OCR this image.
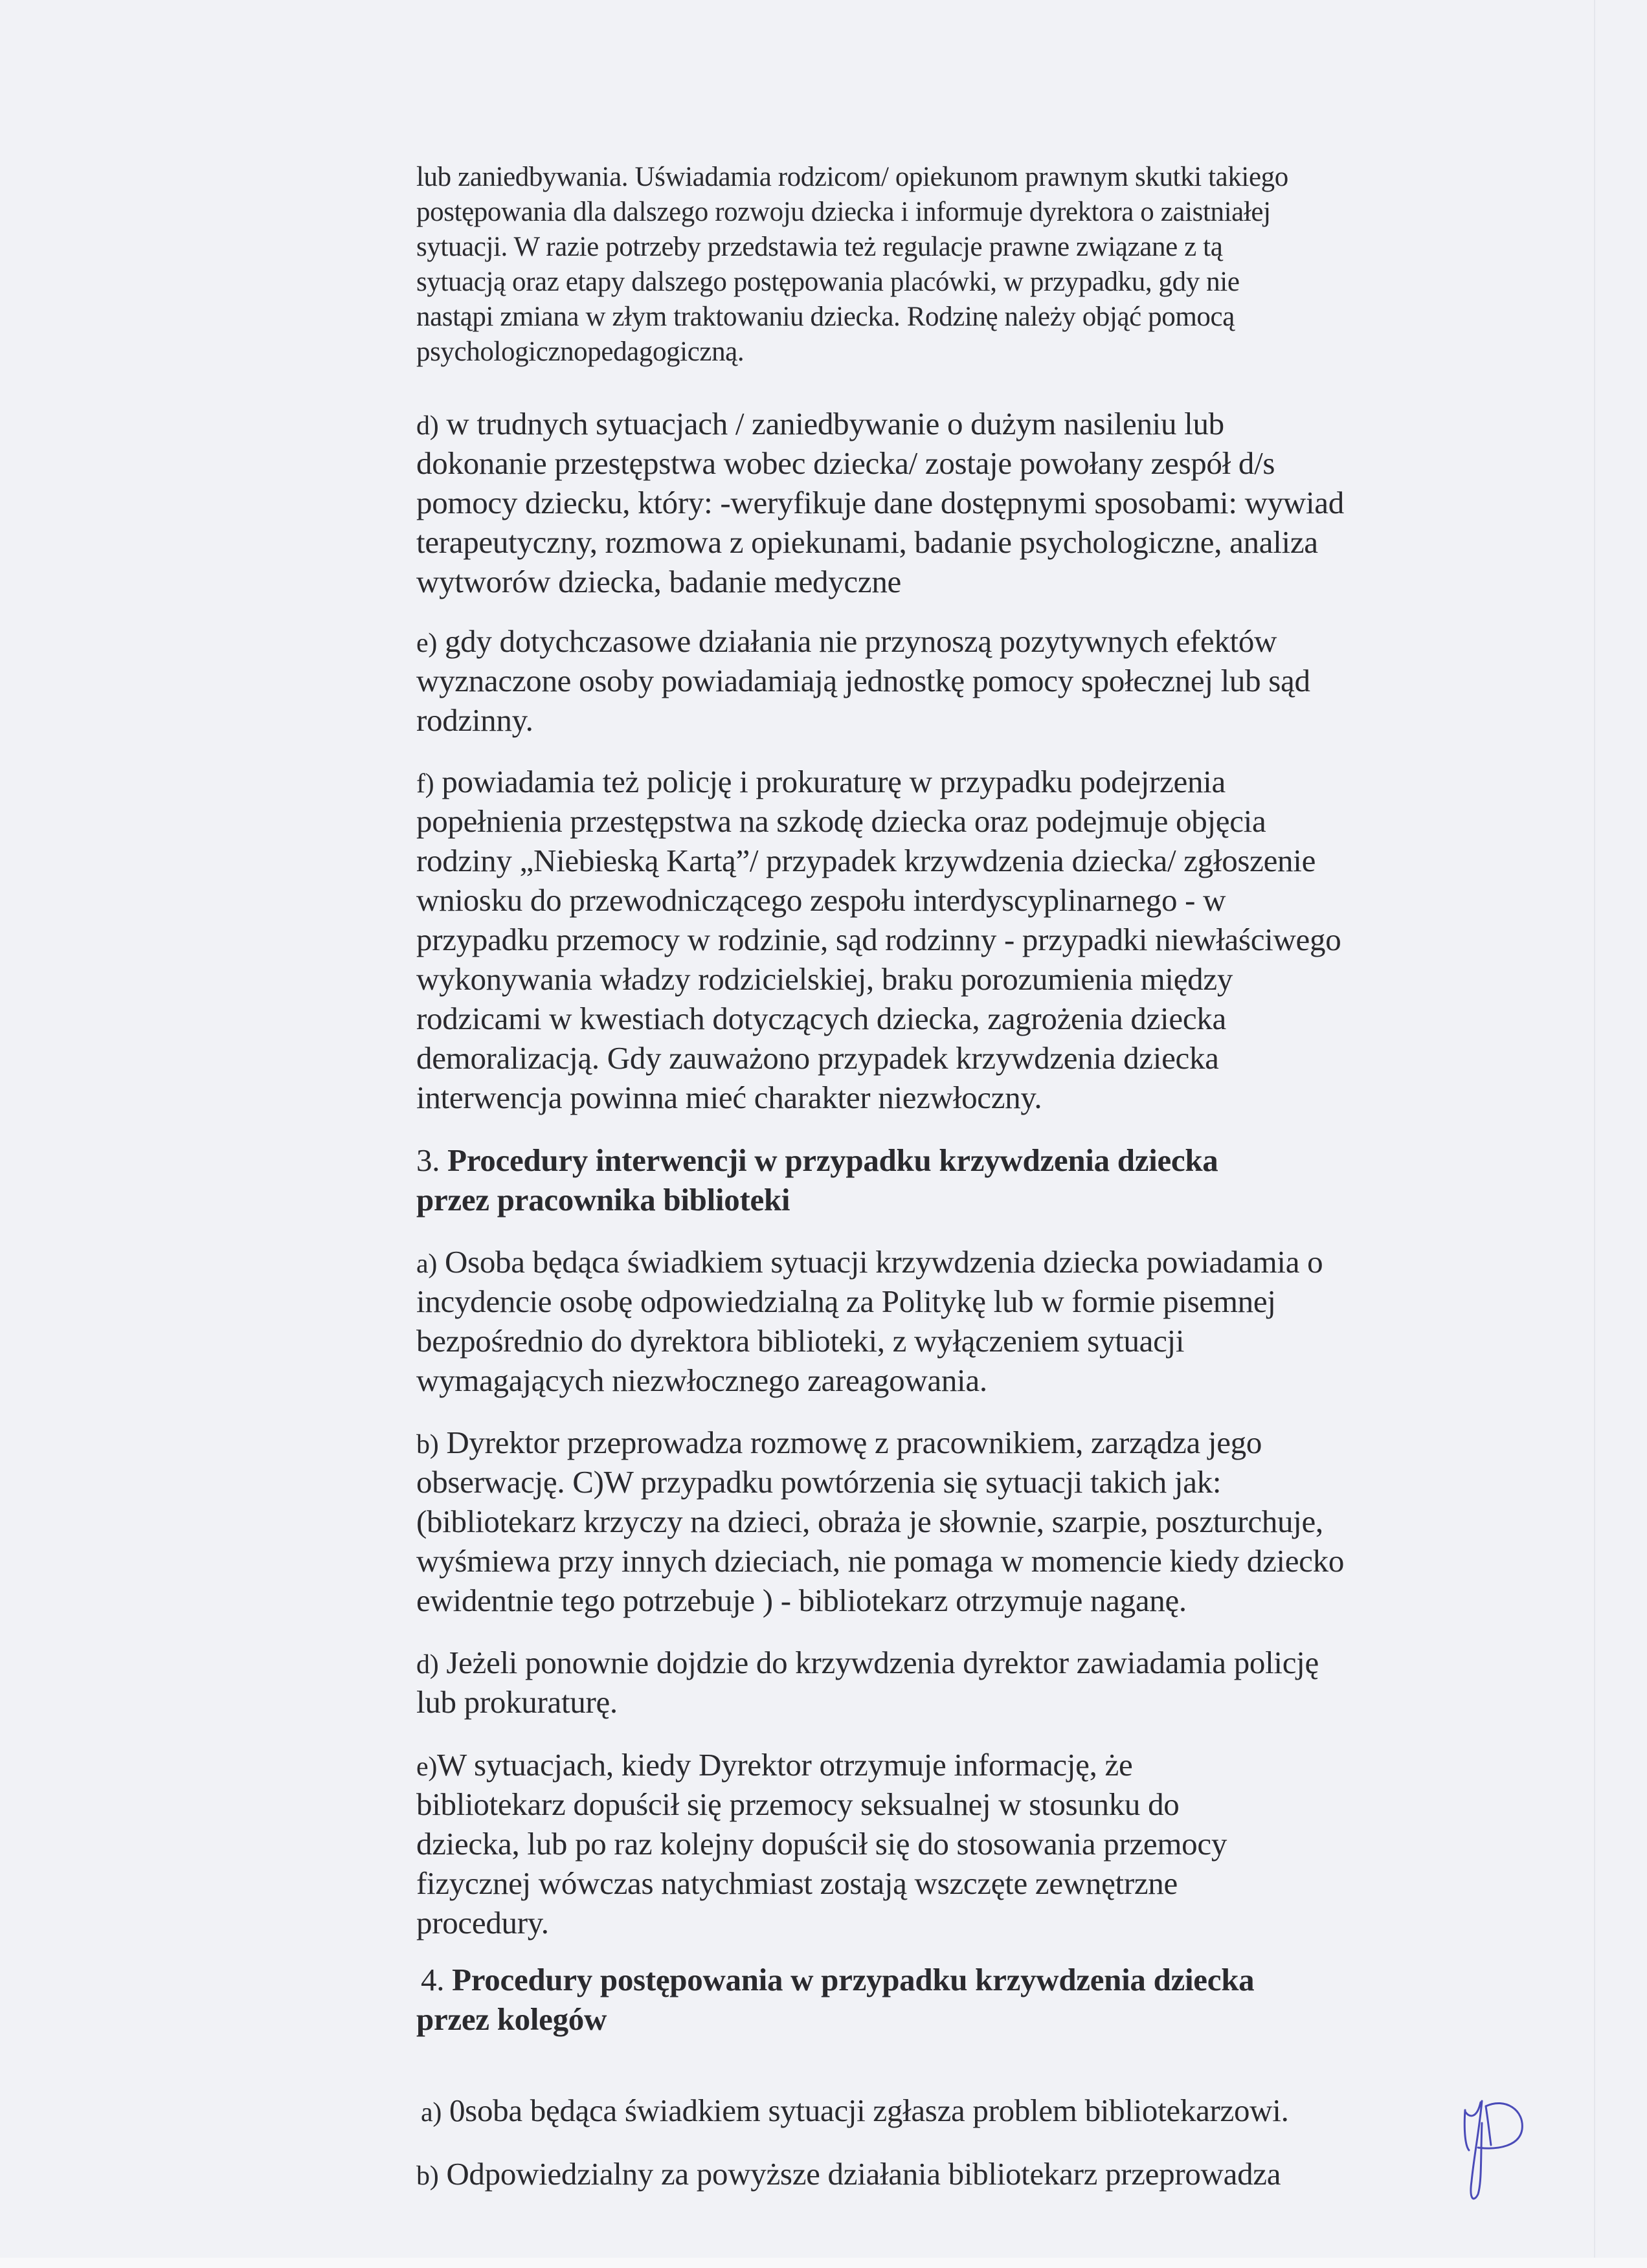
lub zaniedbywania. Uświadamia rodzicom/ opiekunom prawnym skutki takiego
postępowania dla dalszego rozwoju dziecka i informuje dyrektora o zaistniałej
sytuacji. W razie potrzeby przedstawia też regulacje prawne związane z tą
sytuacją oraz etapy dalszego postępowania placówki, w przypadku, gdy nie
nastąpi zmiana w złym traktowaniu dziecka. Rodzinę należy objąć pomocą
psychologicznopedagogiczną.
d) w trudnych sytuacjach / zaniedbywanie o dużym nasileniu lub
dokonanie przestępstwa wobec dziecka/ zostaje powołany zespół d/s
pomocy dziecku, który: -weryfikuje dane dostępnymi sposobami: wywiad
terapeutyczny, rozmowa z opiekunami, badanie psychologiczne, analiza
wytworów dziecka, badanie medyczne
e) gdy dotychczasowe działania nie przynoszą pozytywnych efektów
wyznaczone osoby powiadamiają jednostkę pomocy społecznej lub sąd
rodzinny.
f) powiadamia też policję i prokuraturę w przypadku podejrzenia
popełnienia przestępstwa na szkodę dziecka oraz podejmuje objęcia
rodziny „Niebieską Kartą”/ przypadek krzywdzenia dziecka/ zgłoszenie
wniosku do przewodniczącego zespołu interdyscyplinarnego - w
przypadku przemocy w rodzinie, sąd rodzinny - przypadki niewłaściwego
wykonywania władzy rodzicielskiej, braku porozumienia między
rodzicami w kwestiach dotyczących dziecka, zagrożenia dziecka
demoralizacją. Gdy zauważono przypadek krzywdzenia dziecka
interwencja powinna mieć charakter niezwłoczny.
3. Procedury interwencji w przypadku krzywdzenia dziecka
przez pracownika biblioteki
a) Osoba będąca świadkiem sytuacji krzywdzenia dziecka powiadamia o
incydencie osobę odpowiedzialną za Politykę lub w formie pisemnej
bezpośrednio do dyrektora biblioteki, z wyłączeniem sytuacji
wymagających niezwłocznego zareagowania.
b) Dyrektor przeprowadza rozmowę z pracownikiem, zarządza jego
obserwację. C)W przypadku powtórzenia się sytuacji takich jak:
(bibliotekarz krzyczy na dzieci, obraża je słownie, szarpie, poszturchuje,
wyśmiewa przy innych dzieciach, nie pomaga w momencie kiedy dziecko
ewidentnie tego potrzebuje ) - bibliotekarz otrzymuje naganę.
d) Jeżeli ponownie dojdzie do krzywdzenia dyrektor zawiadamia policję
lub prokuraturę.
e)W sytuacjach, kiedy Dyrektor otrzymuje informację, że
bibliotekarz dopuścił się przemocy seksualnej w stosunku do
dziecka, lub po raz kolejny dopuścił się do stosowania przemocy
fizycznej wówczas natychmiast zostają wszczęte zewnętrzne
procedury.
4. Procedury postępowania w przypadku krzywdzenia dziecka
przez kolegów
a) 0soba będąca świadkiem sytuacji zgłasza problem bibliotekarzowi.
b) Odpowiedzialny za powyższe działania bibliotekarz przeprowadza
